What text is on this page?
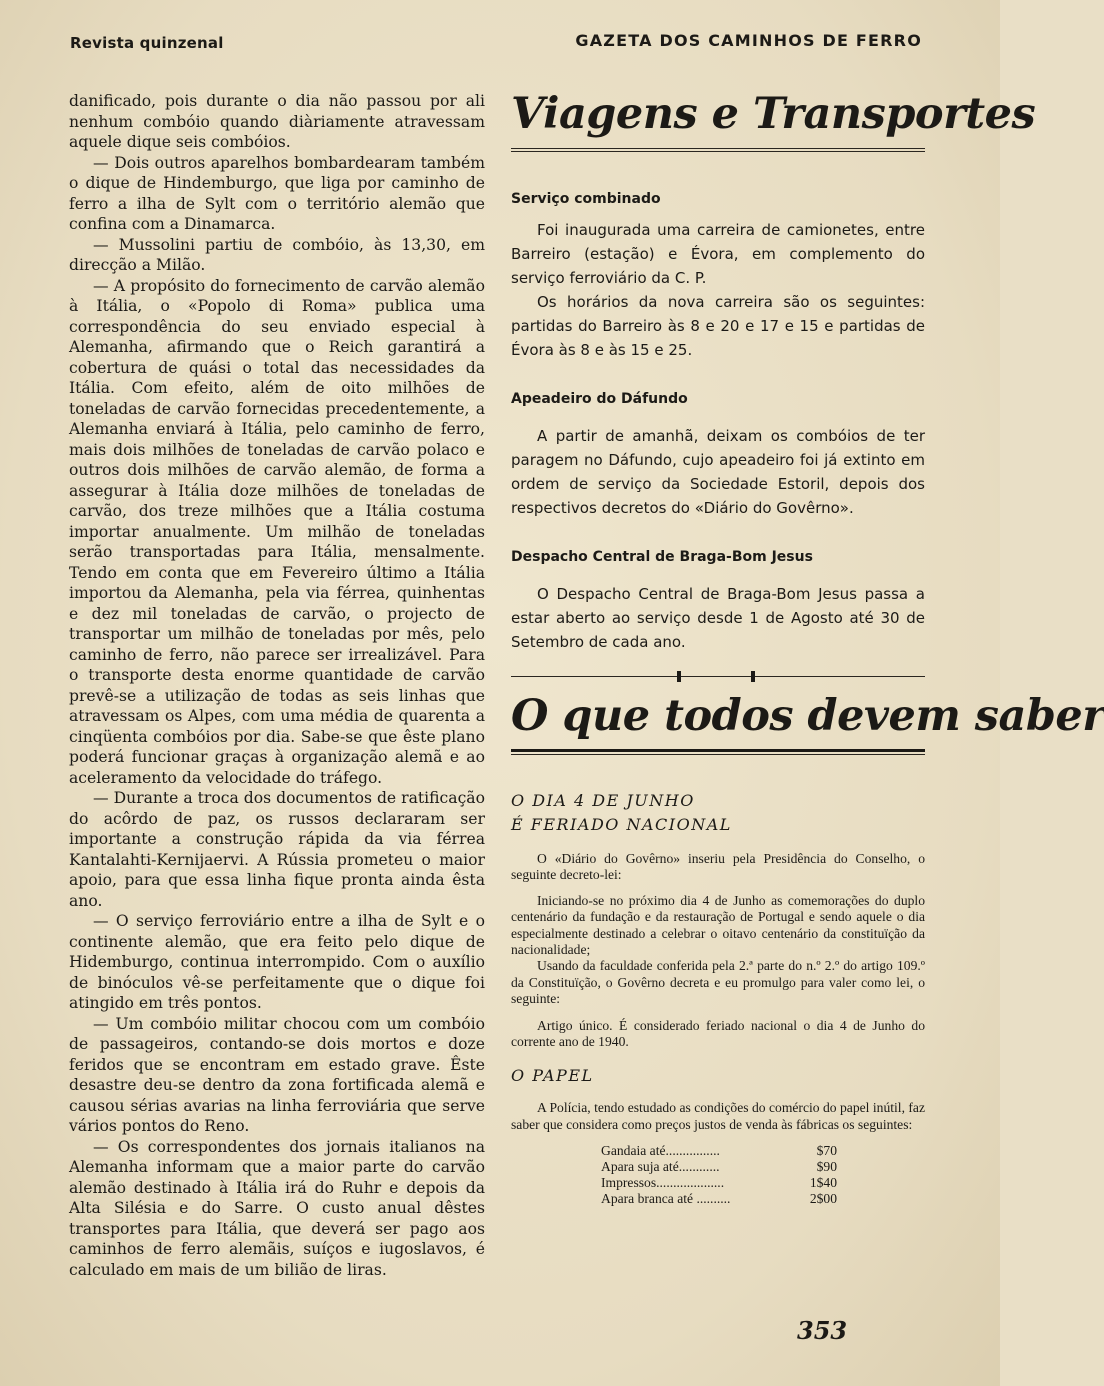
Revista quinzenal	GAZETA DOS CAMINHOS DE FERRO

danificado, pois durante o dia não passou por ali nenhum combóio quando diàriamente atravessam aquele dique seis combóios.

— Dois outros aparelhos bombardearam também o dique de Hindemburgo, que liga por caminho de ferro a ilha de Sylt com o território alemão que confina com a Dinamarca.

— Mussolini partiu de combóio, às 13,30, em direcção a Milão.

— A propósito do fornecimento de carvão alemão à Itália, o «Popolo di Roma» publica uma correspondência do seu enviado especial à Alemanha, afirmando que o Reich garantirá a cobertura de quási o total das necessidades da Itália. Com efeito, além de oito milhões de toneladas de carvão fornecidas precedentemente, a Alemanha enviará à Itália, pelo caminho de ferro, mais dois milhões de toneladas de carvão polaco e outros dois milhões de carvão alemão, de forma a assegurar à Itália doze milhões de toneladas de carvão, dos treze milhões que a Itália costuma importar anualmente. Um milhão de toneladas serão transportadas para Itália, mensalmente. Tendo em conta que em Fevereiro último a Itália importou da Alemanha, pela via férrea, quinhentas e dez mil toneladas de carvão, o projecto de transportar um milhão de toneladas por mês, pelo caminho de ferro, não parece ser irrealizável. Para o transporte desta enorme quantidade de carvão prevê-se a utilização de todas as seis linhas que atravessam os Alpes, com uma média de quarenta a cinqüenta combóios por dia. Sabe-se que êste plano poderá funcionar graças à organização alemã e ao aceleramento da velocidade do tráfego.

— Durante a troca dos documentos de ratificação do acôrdo de paz, os russos declararam ser importante a construção rápida da via férrea Kantalahti-Kernijaervi. A Rússia prometeu o maior apoio, para que essa linha fique pronta ainda êsta ano.

— O serviço ferroviário entre a ilha de Sylt e o continente alemão, que era feito pelo dique de Hidemburgo, continua interrompido. Com o auxílio de binóculos vê-se perfeitamente que o dique foi atingido em três pontos.

— Um combóio militar chocou com um combóio de passageiros, contando-se dois mortos e doze feridos que se encontram em estado grave. Êste desastre deu-se dentro da zona fortificada alemã e causou sérias avarias na linha ferroviária que serve vários pontos do Reno.

— Os correspondentes dos jornais italianos na Alemanha informam que a maior parte do carvão alemão destinado à Itália irá do Ruhr e depois da Alta Silésia e do Sarre. O custo anual dêstes transportes para Itália, que deverá ser pago aos caminhos de ferro alemãis, suíços e iugoslavos, é calculado em mais de um bilião de liras.

Viagens e Transportes
Serviço combinado

Foi inaugurada uma carreira de camionetes, entre Barreiro (estação) e Évora, em complemento do serviço ferroviário da C. P.

Os horários da nova carreira são os seguintes: partidas do Barreiro às 8 e 20 e 17 e 15 e partidas de Évora às 8 e às 15 e 25.

Apeadeiro do Dáfundo

A partir de amanhã, deixam os combóios de ter paragem no Dáfundo, cujo apeadeiro foi já extinto em ordem de serviço da Sociedade Estoril, depois dos respectivos decretos do «Diário do Govêrno».

Despacho Central de Braga-Bom Jesus

O Despacho Central de Braga-Bom Jesus passa a estar aberto ao serviço desde 1 de Agosto até 30 de Setembro de cada ano.

O que todos devem saber
O DIA 4 DE JUNHO
É FERIADO NACIONAL

O «Diário do Govêrno» inseriu pela Presidência do Conselho, o seguinte decreto-lei:

Iniciando-se no próximo dia 4 de Junho as comemorações do duplo centenário da fundação e da restauração de Portugal e sendo aquele o dia especialmente destinado a celebrar o oitavo centenário da constituïção da nacionalidade;

Usando da faculdade conferida pela 2.ª parte do n.º 2.º do artigo 109.º da Constituïção, o Govêrno decreta e eu promulgo para valer como lei, o seguinte:

Artigo único. É considerado feriado nacional o dia 4 de Junho do corrente ano de 1940.

O PAPEL

A Polícia, tendo estudado as condições do comércio do papel inútil, faz saber que considera como preços justos de venda às fábricas os seguintes:

Gandaia até................	$70
Apara suja até............	$90
Impressos....................	1$40
Apara branca até ..........	2$00
353
